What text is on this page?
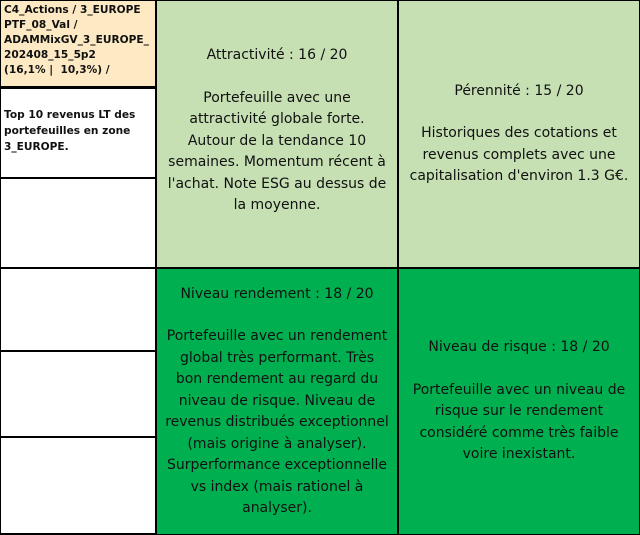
C4_Actions / 3_EUROPE
PTF_08_Val /
ADAMMixGV_3_EUROPE_
202408_15_5p2
(16,1% |  10,3%) /
Top 10 revenus LT des portefeuilles en zone 3_EUROPE.
Attractivité : 16 / 20
Portefeuille avec une attractivité globale forte. Autour de la tendance 10 semaines. Momentum récent à l'achat. Note ESG au dessus de la moyenne.
Pérennité : 15 / 20
Historiques des cotations et revenus complets avec une capitalisation d'environ 1.3 G€.
Niveau rendement : 18 / 20
Portefeuille avec un rendement global très performant. Très bon rendement au regard du niveau de risque. Niveau de revenus distribués exceptionnel (mais origine à analyser). Surperformance exceptionnelle vs index (mais rationel à analyser).
Niveau de risque : 18 / 20
Portefeuille avec un niveau de risque sur le rendement considéré comme très faible voire inexistant.
